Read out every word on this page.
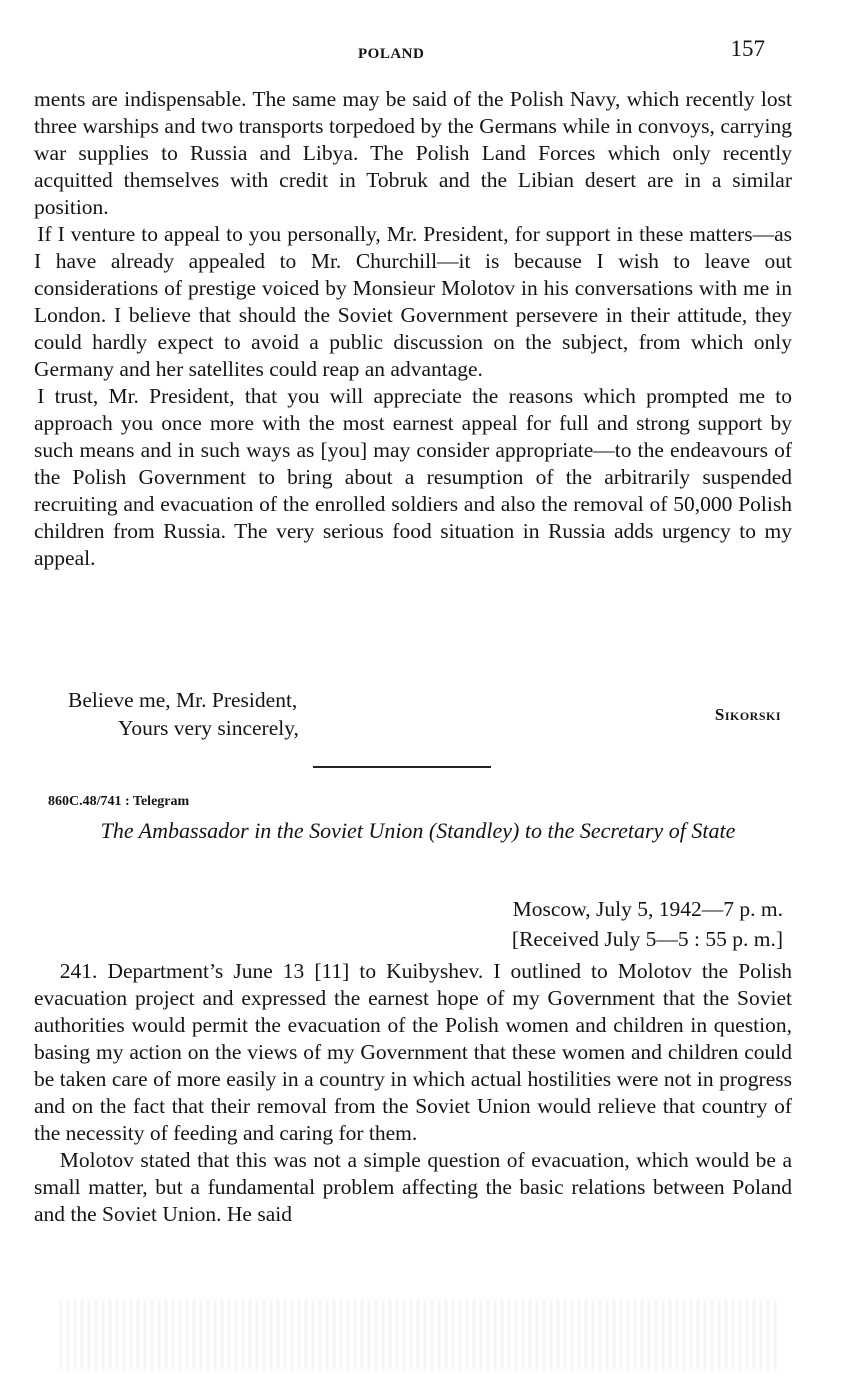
POLAND	157

ments are indispensable. The same may be said of the Polish Navy, which recently lost three warships and two transports torpedoed by the Germans while in convoys, carrying war supplies to Russia and Libya. The Polish Land Forces which only recently acquitted themselves with credit in Tobruk and the Libian desert are in a similar position.

If I venture to appeal to you personally, Mr. President, for support in these matters—as I have already appealed to Mr. Churchill—it is because I wish to leave out considerations of prestige voiced by Monsieur Molotov in his conversations with me in London. I believe that should the Soviet Government persevere in their attitude, they could hardly expect to avoid a public discussion on the subject, from which only Germany and her satellites could reap an advantage.

I trust, Mr. President, that you will appreciate the reasons which prompted me to approach you once more with the most earnest appeal for full and strong support by such means and in such ways as [you] may consider appropriate—to the endeavours of the Polish Government to bring about a resumption of the arbitrarily suspended recruiting and evacuation of the enrolled soldiers and also the removal of 50,000 Polish children from Russia. The very serious food situation in Russia adds urgency to my appeal.

Believe me, Mr. President,
Yours very sincerely,
Sikorski
860C.48/741 : Telegram
The Ambassador in the Soviet Union (Standley) to the Secretary of State
Moscow, July 5, 1942—7 p. m.
[Received July 5—5 : 55 p. m.]

241. Department’s June 13 [11] to Kuibyshev. I outlined to Molotov the Polish evacuation project and expressed the earnest hope of my Government that the Soviet authorities would permit the evacuation of the Polish women and children in question, basing my action on the views of my Government that these women and children could be taken care of more easily in a country in which actual hostilities were not in progress and on the fact that their removal from the Soviet Union would relieve that country of the necessity of feeding and caring for them.

Molotov stated that this was not a simple question of evacuation, which would be a small matter, but a fundamental problem affecting the basic relations between Poland and the Soviet Union. He said
